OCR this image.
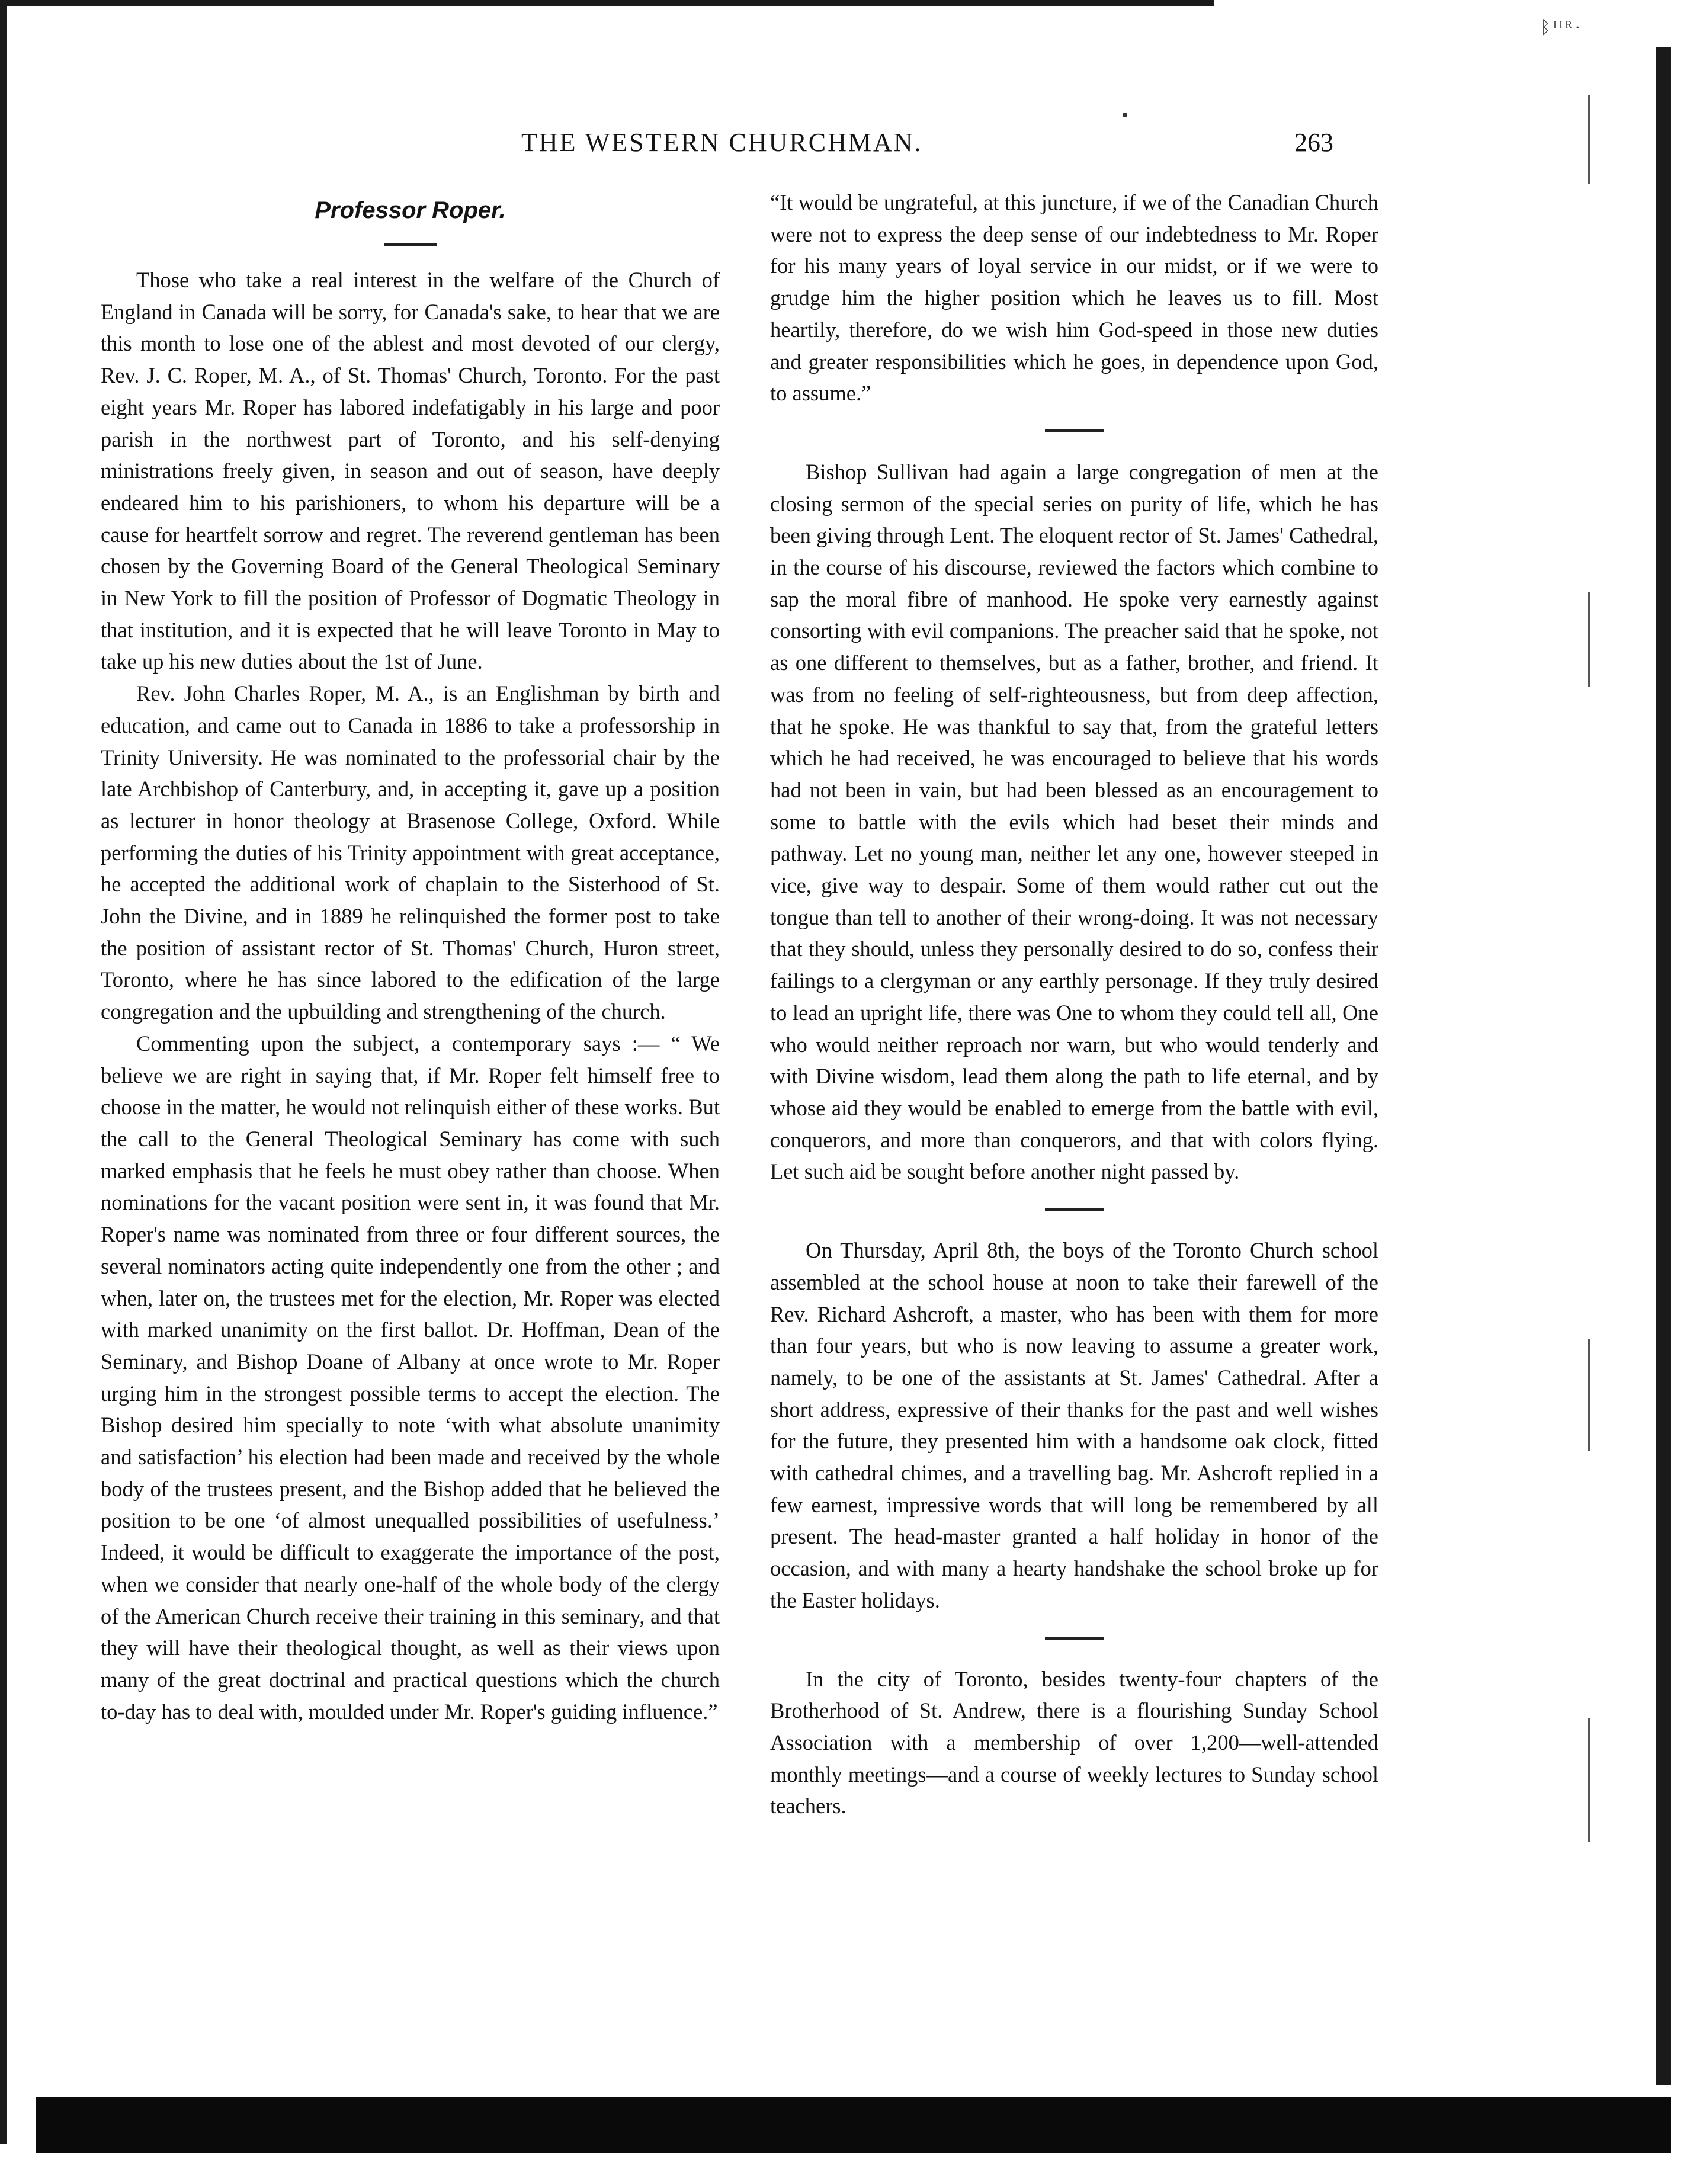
ᛒᴵᴵᴿ·
THE WESTERN CHURCHMAN.	263
Professor Roper.

Those who take a real interest in the welfare of the Church of England in Canada will be sorry, for Canada's sake, to hear that we are this month to lose one of the ablest and most devoted of our clergy, Rev. J. C. Roper, M. A., of St. Thomas' Church, Toronto. For the past eight years Mr. Roper has labored indefatigably in his large and poor parish in the northwest part of Toronto, and his self-denying ministrations freely given, in season and out of season, have deeply endeared him to his parishioners, to whom his departure will be a cause for heartfelt sorrow and regret. The reverend gentleman has been chosen by the Governing Board of the General Theological Seminary in New York to fill the position of Professor of Dogmatic Theology in that institution, and it is expected that he will leave Toronto in May to take up his new duties about the 1st of June.

Rev. John Charles Roper, M. A., is an Englishman by birth and education, and came out to Canada in 1886 to take a professorship in Trinity University. He was nominated to the professorial chair by the late Archbishop of Canterbury, and, in accepting it, gave up a position as lecturer in honor theology at Brasenose College, Oxford. While performing the duties of his Trinity appointment with great acceptance, he accepted the additional work of chaplain to the Sisterhood of St. John the Divine, and in 1889 he relinquished the former post to take the position of assistant rector of St. Thomas' Church, Huron street, Toronto, where he has since labored to the edification of the large congregation and the upbuilding and strengthening of the church.

Commenting upon the subject, a contemporary says :— “ We believe we are right in saying that, if Mr. Roper felt himself free to choose in the matter, he would not relinquish either of these works. But the call to the General Theological Seminary has come with such marked emphasis that he feels he must obey rather than choose. When nominations for the vacant position were sent in, it was found that Mr. Roper's name was nominated from three or four different sources, the several nominators acting quite independently one from the other ; and when, later on, the trustees met for the election, Mr. Roper was elected with marked unanimity on the first ballot. Dr. Hoffman, Dean of the Seminary, and Bishop Doane of Albany at once wrote to Mr. Roper urging him in the strongest possible terms to accept the election. The Bishop desired him specially to note ‘with what absolute unanimity and satisfaction’ his election had been made and received by the whole body of the trustees present, and the Bishop added that he believed the position to be one ‘of almost unequalled possibilities of usefulness.’ Indeed, it would be difficult to exaggerate the importance of the post, when we consider that nearly one-half of the whole body of the clergy of the American Church receive their training in this seminary, and that they will have their theological thought, as well as their views upon many of the great doctrinal and practical questions which the church to-day has to deal with, moulded under Mr. Roper's guiding influence.”

“It would be ungrateful, at this juncture, if we of the Canadian Church were not to express the deep sense of our indebtedness to Mr. Roper for his many years of loyal service in our midst, or if we were to grudge him the higher position which he leaves us to fill. Most heartily, therefore, do we wish him God-speed in those new duties and greater responsibilities which he goes, in dependence upon God, to assume.”

Bishop Sullivan had again a large congregation of men at the closing sermon of the special series on purity of life, which he has been giving through Lent. The eloquent rector of St. James' Cathedral, in the course of his discourse, reviewed the factors which combine to sap the moral fibre of manhood. He spoke very earnestly against consorting with evil companions. The preacher said that he spoke, not as one different to themselves, but as a father, brother, and friend. It was from no feeling of self-righteousness, but from deep affection, that he spoke. He was thankful to say that, from the grateful letters which he had received, he was encouraged to believe that his words had not been in vain, but had been blessed as an encouragement to some to battle with the evils which had beset their minds and pathway. Let no young man, neither let any one, however steeped in vice, give way to despair. Some of them would rather cut out the tongue than tell to another of their wrong-doing. It was not necessary that they should, unless they personally desired to do so, confess their failings to a clergyman or any earthly personage. If they truly desired to lead an upright life, there was One to whom they could tell all, One who would neither reproach nor warn, but who would tenderly and with Divine wisdom, lead them along the path to life eternal, and by whose aid they would be enabled to emerge from the battle with evil, conquerors, and more than conquerors, and that with colors flying. Let such aid be sought before another night passed by.

On Thursday, April 8th, the boys of the Toronto Church school assembled at the school house at noon to take their farewell of the Rev. Richard Ashcroft, a master, who has been with them for more than four years, but who is now leaving to assume a greater work, namely, to be one of the assistants at St. James' Cathedral. After a short address, expressive of their thanks for the past and well wishes for the future, they presented him with a handsome oak clock, fitted with cathedral chimes, and a travelling bag. Mr. Ashcroft replied in a few earnest, impressive words that will long be remembered by all present. The head-master granted a half holiday in honor of the occasion, and with many a hearty handshake the school broke up for the Easter holidays.

In the city of Toronto, besides twenty-four chapters of the Brotherhood of St. Andrew, there is a flourishing Sunday School Association with a membership of over 1,200—well-attended monthly meetings—and a course of weekly lectures to Sunday school teachers.
